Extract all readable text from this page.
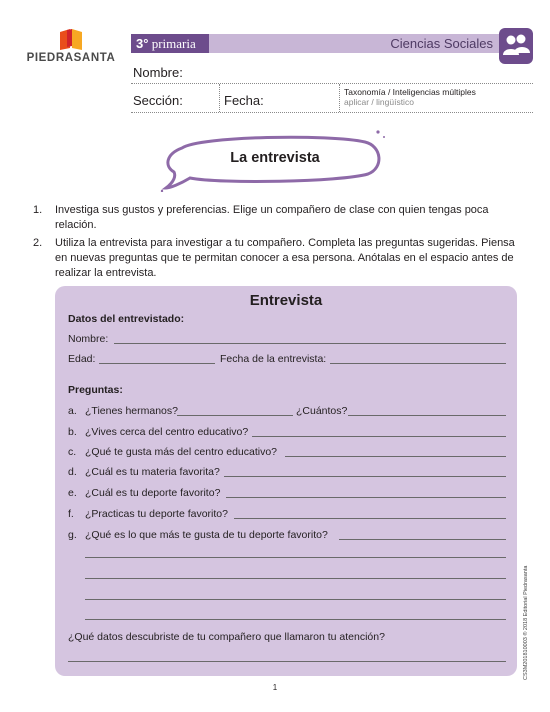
PIEDRASANTA
3° primaria	Ciencias Sociales
Nombre:
Sección:	Fecha:
Taxonomía / Inteligencias múltiples
aplicar / lingüístico
La entrevista
1. Investiga sus gustos y preferencias. Elige un compañero de clase con quien tengas poca relación.
2. Utiliza la entrevista para investigar a tu compañero. Completa las preguntas sugeridas. Piensa en nuevas preguntas que te permitan conocer a esa persona. Anótalas en el espacio antes de realizar la entrevista.
Entrevista
Datos del entrevistado:
Nombre:
Edad:	Fecha de la entrevista:
Preguntas:
a. ¿Tienes hermanos?	¿Cuántos?
b. ¿Vives cerca del centro educativo?
c. ¿Qué te gusta más del centro educativo?
d. ¿Cuál es tu materia favorita?
e. ¿Cuál es tu deporte favorito?
f. ¿Practicas tu deporte favorito?
g. ¿Qué es lo que más te gusta de tu deporte favorito?
¿Qué datos descubriste de tu compañero que llamaron tu atención?
1
CS3M201810003 ® 2018 Editorial Piedrasanta
